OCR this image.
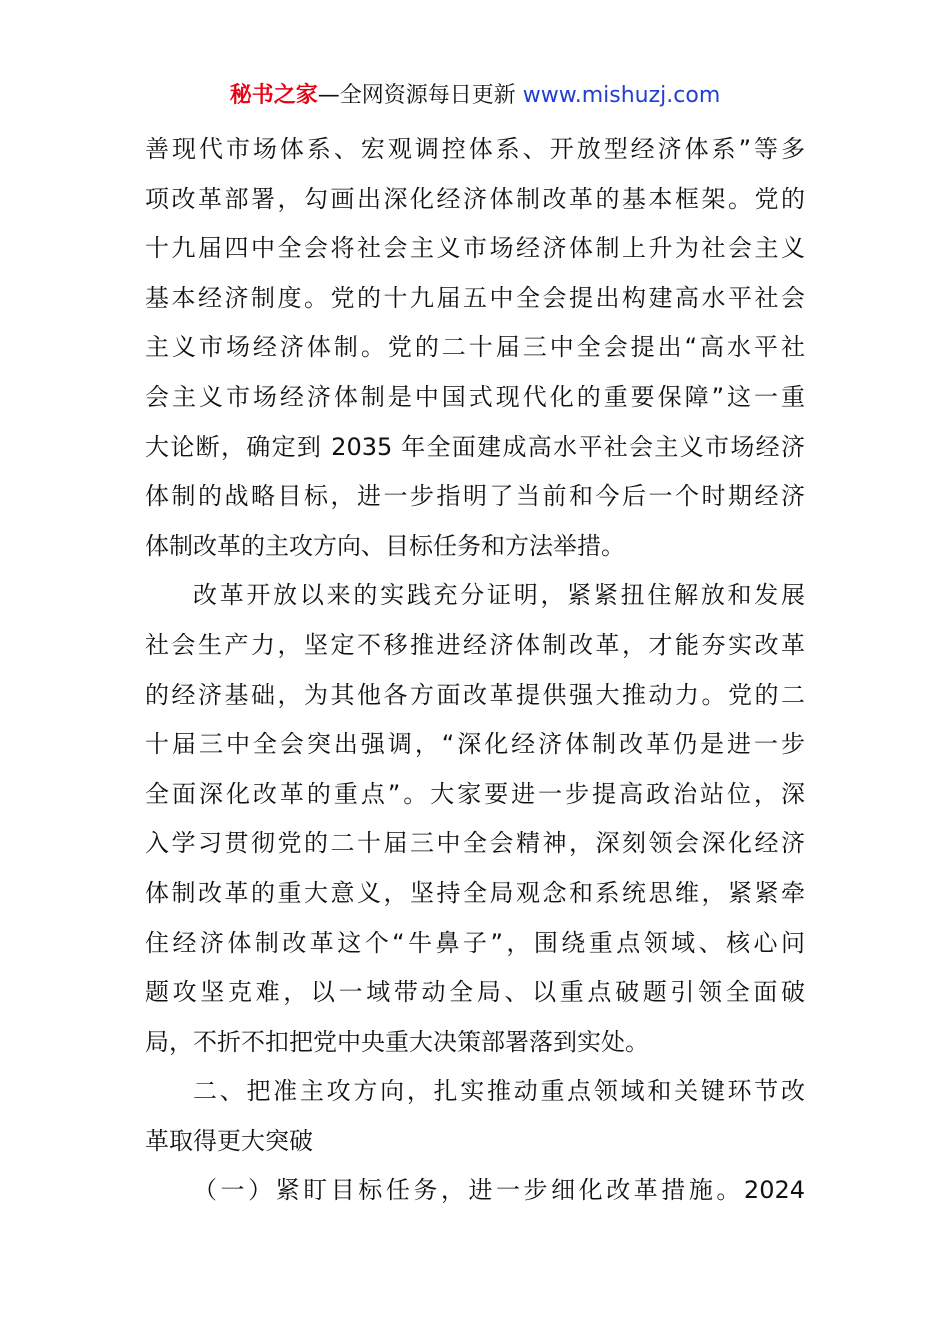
秘书之家—全网资源每日更新 www.mishuzj.com
善现代市场体系、宏观调控体系、开放型经济体系”等多
项改革部署，勾画出深化经济体制改革的基本框架。党的
十九届四中全会将社会主义市场经济体制上升为社会主义
基本经济制度。党的十九届五中全会提出构建高水平社会
主义市场经济体制。党的二十届三中全会提出“高水平社
会主义市场经济体制是中国式现代化的重要保障”这一重
大论断，确定到 2035 年全面建成高水平社会主义市场经济
体制的战略目标，进一步指明了当前和今后一个时期经济
体制改革的主攻方向、目标任务和方法举措。
改革开放以来的实践充分证明，紧紧扭住解放和发展
社会生产力，坚定不移推进经济体制改革，才能夯实改革
的经济基础，为其他各方面改革提供强大推动力。党的二
十届三中全会突出强调，“深化经济体制改革仍是进一步
全面深化改革的重点”。大家要进一步提高政治站位，深
入学习贯彻党的二十届三中全会精神，深刻领会深化经济
体制改革的重大意义，坚持全局观念和系统思维，紧紧牵
住经济体制改革这个“牛鼻子”，围绕重点领域、核心问
题攻坚克难，以一域带动全局、以重点破题引领全面破
局，不折不扣把党中央重大决策部署落到实处。
二、把准主攻方向，扎实推动重点领域和关键环节改
革取得更大突破
（一）紧盯目标任务，进一步细化改革措施。2024
